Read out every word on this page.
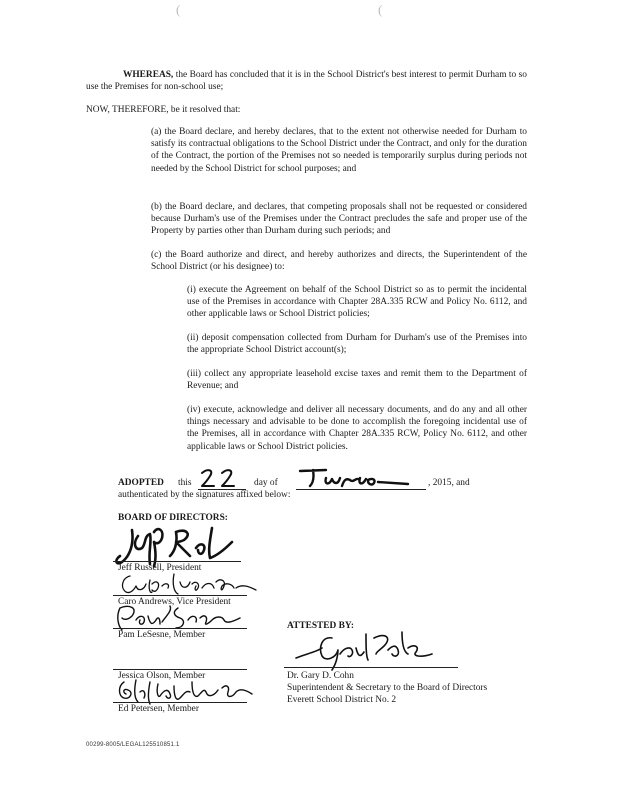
(	(

WHEREAS, the Board has concluded that it is in the School District's best interest to permit Durham to so use the Premises for non-school use;

NOW, THEREFORE, be it resolved that:

(a) the Board declare, and hereby declares, that to the extent not otherwise needed for Durham to satisfy its contractual obligations to the School District under the Contract, and only for the duration of the Contract, the portion of the Premises not so needed is temporarily surplus during periods not needed by the School District for school purposes; and

(b) the Board declare, and declares, that competing proposals shall not be requested or considered because Durham's use of the Premises under the Contract precludes the safe and proper use of the Property by parties other than Durham during such periods; and

(c) the Board authorize and direct, and hereby authorizes and directs, the Superintendent of the School District (or his designee) to:

(i) execute the Agreement on behalf of the School District so as to permit the incidental use of the Premises in accordance with Chapter 28A.335 RCW and Policy No. 6112, and other applicable laws or School District policies;

(ii) deposit compensation collected from Durham for Durham's use of the Premises into the appropriate School District account(s);

(iii) collect any appropriate leasehold excise taxes and remit them to the Department of Revenue; and

(iv) execute, acknowledge and deliver all necessary documents, and do any and all other things necessary and advisable to be done to accomplish the foregoing incidental use of the Premises, all in accordance with Chapter 28A.335 RCW, Policy No. 6112, and other applicable laws or School District policies.

ADOPTED this
22
day of
June
, 2015, and
authenticated by the signatures affixed below:
BOARD OF DIRECTORS:
Jeff Russell, President
Caro Andrews, Vice President
Pam LeSesne, Member
Jessica Olson, Member
Ed Petersen, Member
ATTESTED BY:
Dr. Gary D. Cohn
Superintendent & Secretary to the Board of Directors
Everett School District No. 2
00299-8005/LEGAL125510851.1
